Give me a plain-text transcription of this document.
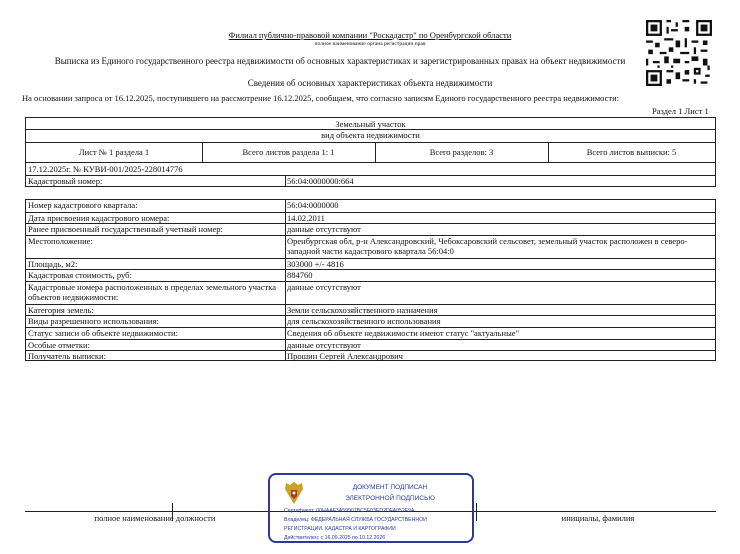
Филиал публично-правовой компании "Роскадастр" по Оренбургской области
полное наименование органа регистрации прав
Выписка из Единого государственного реестра недвижимости об основных характеристиках и зарегистрированных правах на объект недвижимости
Сведения об основных характеристиках объекта недвижимости
На основании запроса от 16.12.2025, поступившего на рассмотрение 16.12.2025, сообщаем, что согласно записям Единого государственного реестра недвижимости:
Раздел 1 Лист 1
Земельный участок
вид объекта недвижимости
Лист № 1 раздела 1	Всего листов раздела 1: 1	Всего разделов: 3	Всего листов выписки: 5
17.12.2025г. № КУВИ-001/2025-228014776
Кадастровый номер:	56:04:0000000:664
Номер кадастрового квартала:	56:04:0000000
Дата присвоения кадастрового номера:	14.02.2011
Ранее присвоенный государственный учетный номер:	данные отсутствуют
Местоположение:	Оренбургская обл, р-н Александровский, Чебоксаровский сельсовет, земельный участок расположен в северо-западной части кадастрового квартала 56:04:0
Площадь, м2:	303000 +/- 4816
Кадастровая стоимость, руб:	884760
Кадастровые номера расположенных в пределах земельного участка объектов недвижимости:
данные отсутствуют
Категория земель:	Земли сельскохозяйственного назначения
Виды разрешенного использования:	для сельскохозяйственного использования
Статус записи об объекте недвижимости:	Сведения об объекте недвижимости имеют статус "актуальные"
Особые отметки:	данные отсутствуют
Получатель выписки:	Прошин Сергей Александрович
полное наименование должности	инициалы, фамилия
ДОКУМЕНТ ПОДПИСАН
ЭЛЕКТРОННОЙ ПОДПИСЬЮ
Сертификат: 00HAAF3A59907BC5E03ED2DFA052F9A
Владелец: ФЕДЕРАЛЬНАЯ СЛУЖБА ГОСУДАРСТВЕННОЙ
РЕГИСТРАЦИИ, КАДАСТРА И КАРТОГРАФИИ
Действителен: с 16.09.2025 по 10.12.2026
